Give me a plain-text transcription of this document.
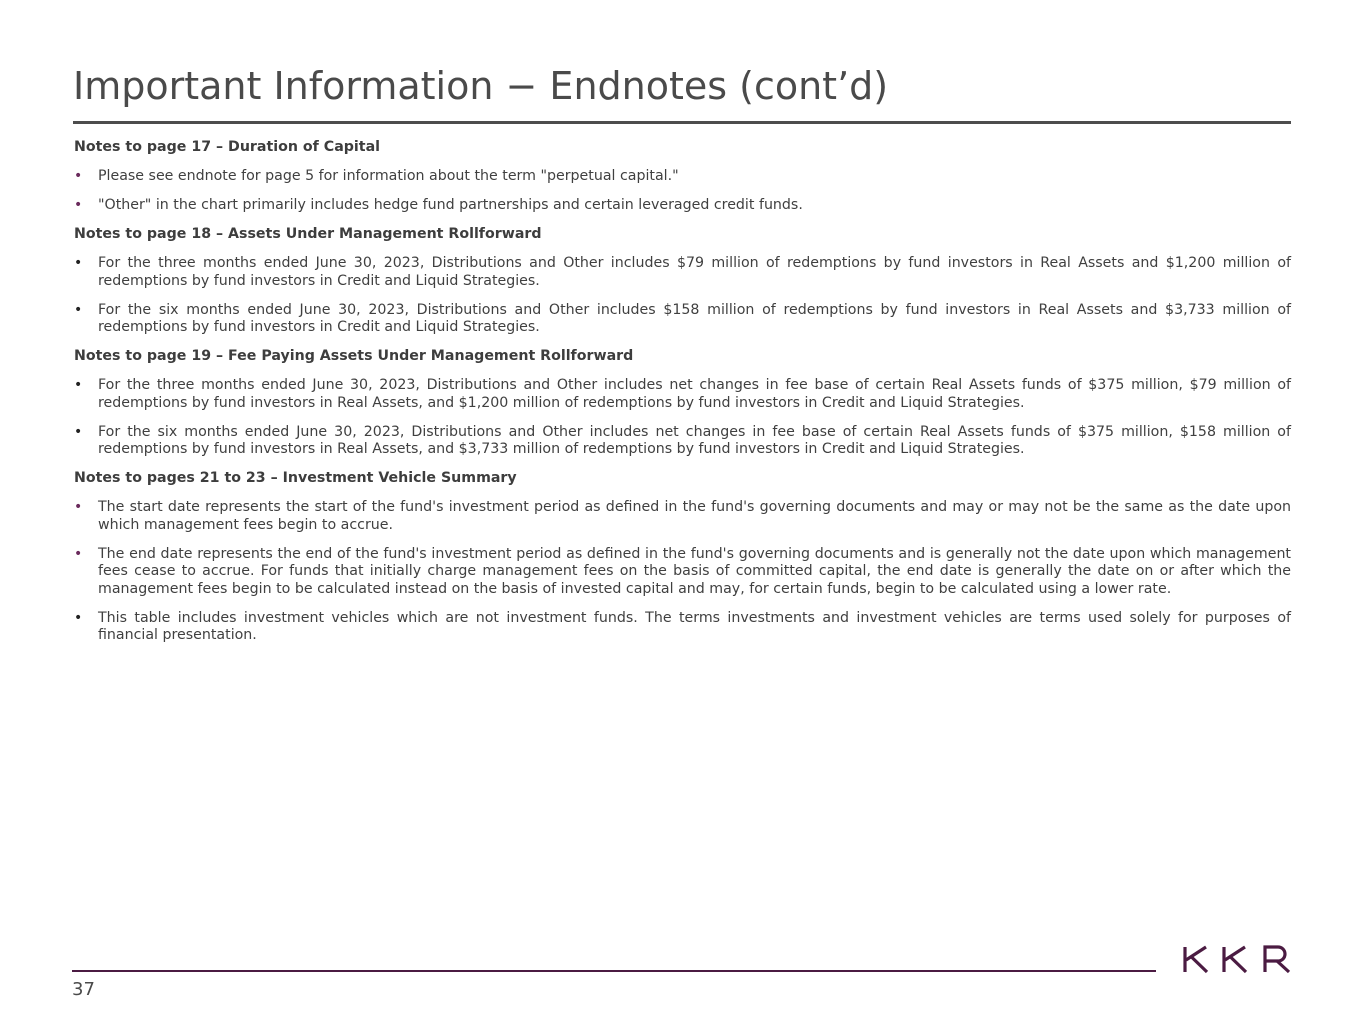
Important Information − Endnotes (cont’d)
Notes to page 17 – Duration of Capital
• Please see endnote for page 5 for information about the term "perpetual capital."
• "Other" in the chart primarily includes hedge fund partnerships and certain leveraged credit funds.
Notes to page 18 – Assets Under Management Rollforward
• For the three months ended June 30, 2023, Distributions and Other includes $79 million of redemptions by fund investors in Real Assets and $1,200 million of redemptions by fund investors in Credit and Liquid Strategies.
• For the six months ended June 30, 2023, Distributions and Other includes $158 million of redemptions by fund investors in Real Assets and $3,733 million of redemptions by fund investors in Credit and Liquid Strategies.
Notes to page 19 – Fee Paying Assets Under Management Rollforward
• For the three months ended June 30, 2023, Distributions and Other includes net changes in fee base of certain Real Assets funds of $375 million, $79 million of redemptions by fund investors in Real Assets, and $1,200 million of redemptions by fund investors in Credit and Liquid Strategies.
• For the six months ended June 30, 2023, Distributions and Other includes net changes in fee base of certain Real Assets funds of $375 million, $158 million of redemptions by fund investors in Real Assets, and $3,733 million of redemptions by fund investors in Credit and Liquid Strategies.
Notes to pages 21 to 23 – Investment Vehicle Summary
• The start date represents the start of the fund's investment period as defined in the fund's governing documents and may or may not be the same as the date upon which management fees begin to accrue.
• The end date represents the end of the fund's investment period as defined in the fund's governing documents and is generally not the date upon which management fees cease to accrue. For funds that initially charge management fees on the basis of committed capital, the end date is generally the date on or after which the management fees begin to be calculated instead on the basis of invested capital and may, for certain funds, begin to be calculated using a lower rate.
• This table includes investment vehicles which are not investment funds. The terms investments and investment vehicles are terms used solely for purposes of financial presentation.
37
